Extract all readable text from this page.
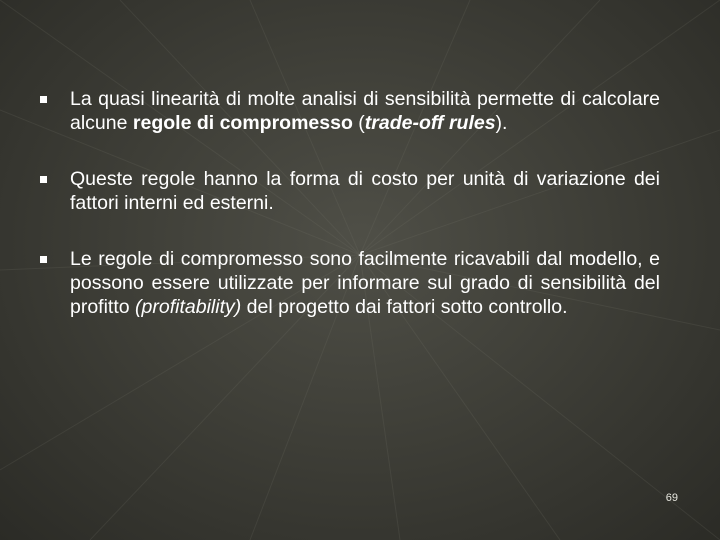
La quasi linearità di molte analisi di sensibilità permette di calcolare alcune regole di compromesso (trade-off rules).
Queste regole hanno la forma di costo per unità di variazione dei fattori interni ed esterni.
Le regole di compromesso sono facilmente ricavabili dal modello, e possono essere utilizzate per informare sul grado di sensibilità del profitto (profitability) del progetto dai fattori sotto controllo.
69
